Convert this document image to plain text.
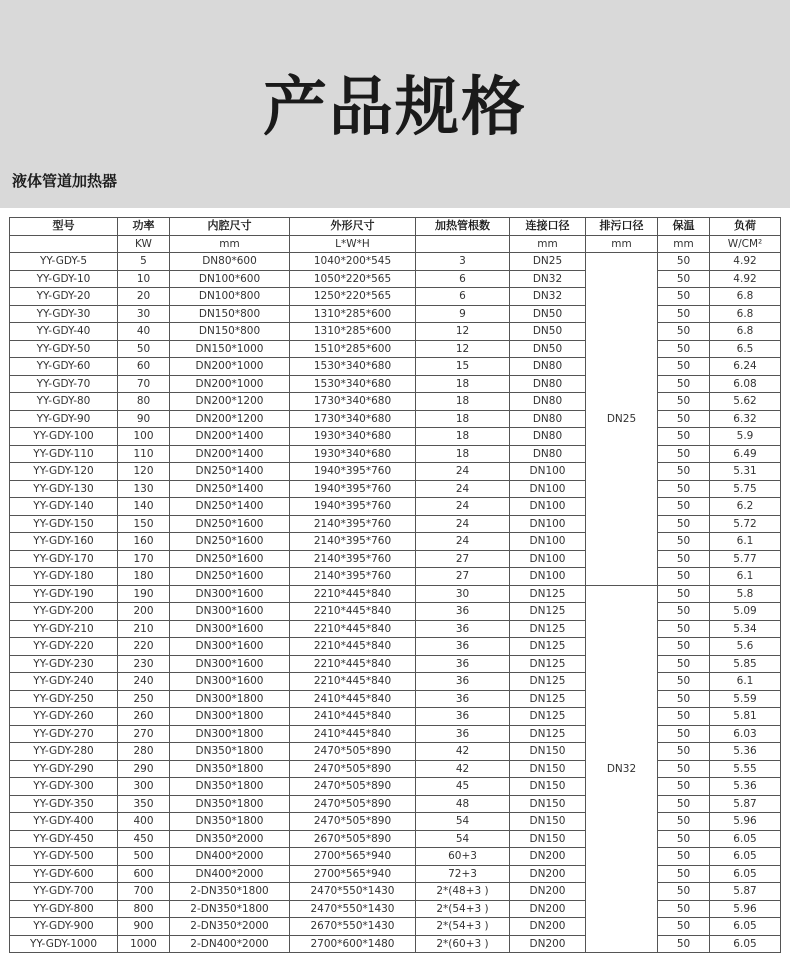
产品规格
液体管道加热器
型号	功率	内腔尺寸	外形尺寸	加热管根数	连接口径	排污口径	保温	负荷
	KW	mm	L*W*H		mm	mm	mm	W/CM²
YY-GDY-5	5	DN80*600	1040*200*545	3	DN25	DN25	50	4.92
YY-GDY-10	10	DN100*600	1050*220*565	6	DN32		50	4.92
YY-GDY-20	20	DN100*800	1250*220*565	6	DN32		50	6.8
YY-GDY-30	30	DN150*800	1310*285*600	9	DN50		50	6.8
YY-GDY-40	40	DN150*800	1310*285*600	12	DN50		50	6.8
YY-GDY-50	50	DN150*1000	1510*285*600	12	DN50		50	6.5
YY-GDY-60	60	DN200*1000	1530*340*680	15	DN80		50	6.24
YY-GDY-70	70	DN200*1000	1530*340*680	18	DN80		50	6.08
YY-GDY-80	80	DN200*1200	1730*340*680	18	DN80		50	5.62
YY-GDY-90	90	DN200*1200	1730*340*680	18	DN80		50	6.32
YY-GDY-100	100	DN200*1400	1930*340*680	18	DN80		50	5.9
YY-GDY-110	110	DN200*1400	1930*340*680	18	DN80		50	6.49
YY-GDY-120	120	DN250*1400	1940*395*760	24	DN100		50	5.31
YY-GDY-130	130	DN250*1400	1940*395*760	24	DN100		50	5.75
YY-GDY-140	140	DN250*1400	1940*395*760	24	DN100		50	6.2
YY-GDY-150	150	DN250*1600	2140*395*760	24	DN100		50	5.72
YY-GDY-160	160	DN250*1600	2140*395*760	24	DN100		50	6.1
YY-GDY-170	170	DN250*1600	2140*395*760	27	DN100		50	5.77
YY-GDY-180	180	DN250*1600	2140*395*760	27	DN100		50	6.1
YY-GDY-190	190	DN300*1600	2210*445*840	30	DN125	DN32	50	5.8
YY-GDY-200	200	DN300*1600	2210*445*840	36	DN125		50	5.09
YY-GDY-210	210	DN300*1600	2210*445*840	36	DN125		50	5.34
YY-GDY-220	220	DN300*1600	2210*445*840	36	DN125		50	5.6
YY-GDY-230	230	DN300*1600	2210*445*840	36	DN125		50	5.85
YY-GDY-240	240	DN300*1600	2210*445*840	36	DN125		50	6.1
YY-GDY-250	250	DN300*1800	2410*445*840	36	DN125		50	5.59
YY-GDY-260	260	DN300*1800	2410*445*840	36	DN125		50	5.81
YY-GDY-270	270	DN300*1800	2410*445*840	36	DN125		50	6.03
YY-GDY-280	280	DN350*1800	2470*505*890	42	DN150		50	5.36
YY-GDY-290	290	DN350*1800	2470*505*890	42	DN150		50	5.55
YY-GDY-300	300	DN350*1800	2470*505*890	45	DN150		50	5.36
YY-GDY-350	350	DN350*1800	2470*505*890	48	DN150		50	5.87
YY-GDY-400	400	DN350*1800	2470*505*890	54	DN150		50	5.96
YY-GDY-450	450	DN350*2000	2670*505*890	54	DN150		50	6.05
YY-GDY-500	500	DN400*2000	2700*565*940	60+3	DN200		50	6.05
YY-GDY-600	600	DN400*2000	2700*565*940	72+3	DN200		50	6.05
YY-GDY-700	700	2-DN350*1800	2470*550*1430	2*(48+3 )	DN200		50	5.87
YY-GDY-800	800	2-DN350*1800	2470*550*1430	2*(54+3 )	DN200		50	5.96
YY-GDY-900	900	2-DN350*2000	2670*550*1430	2*(54+3 )	DN200		50	6.05
YY-GDY-1000	1000	2-DN400*2000	2700*600*1480	2*(60+3 )	DN200		50	6.05
